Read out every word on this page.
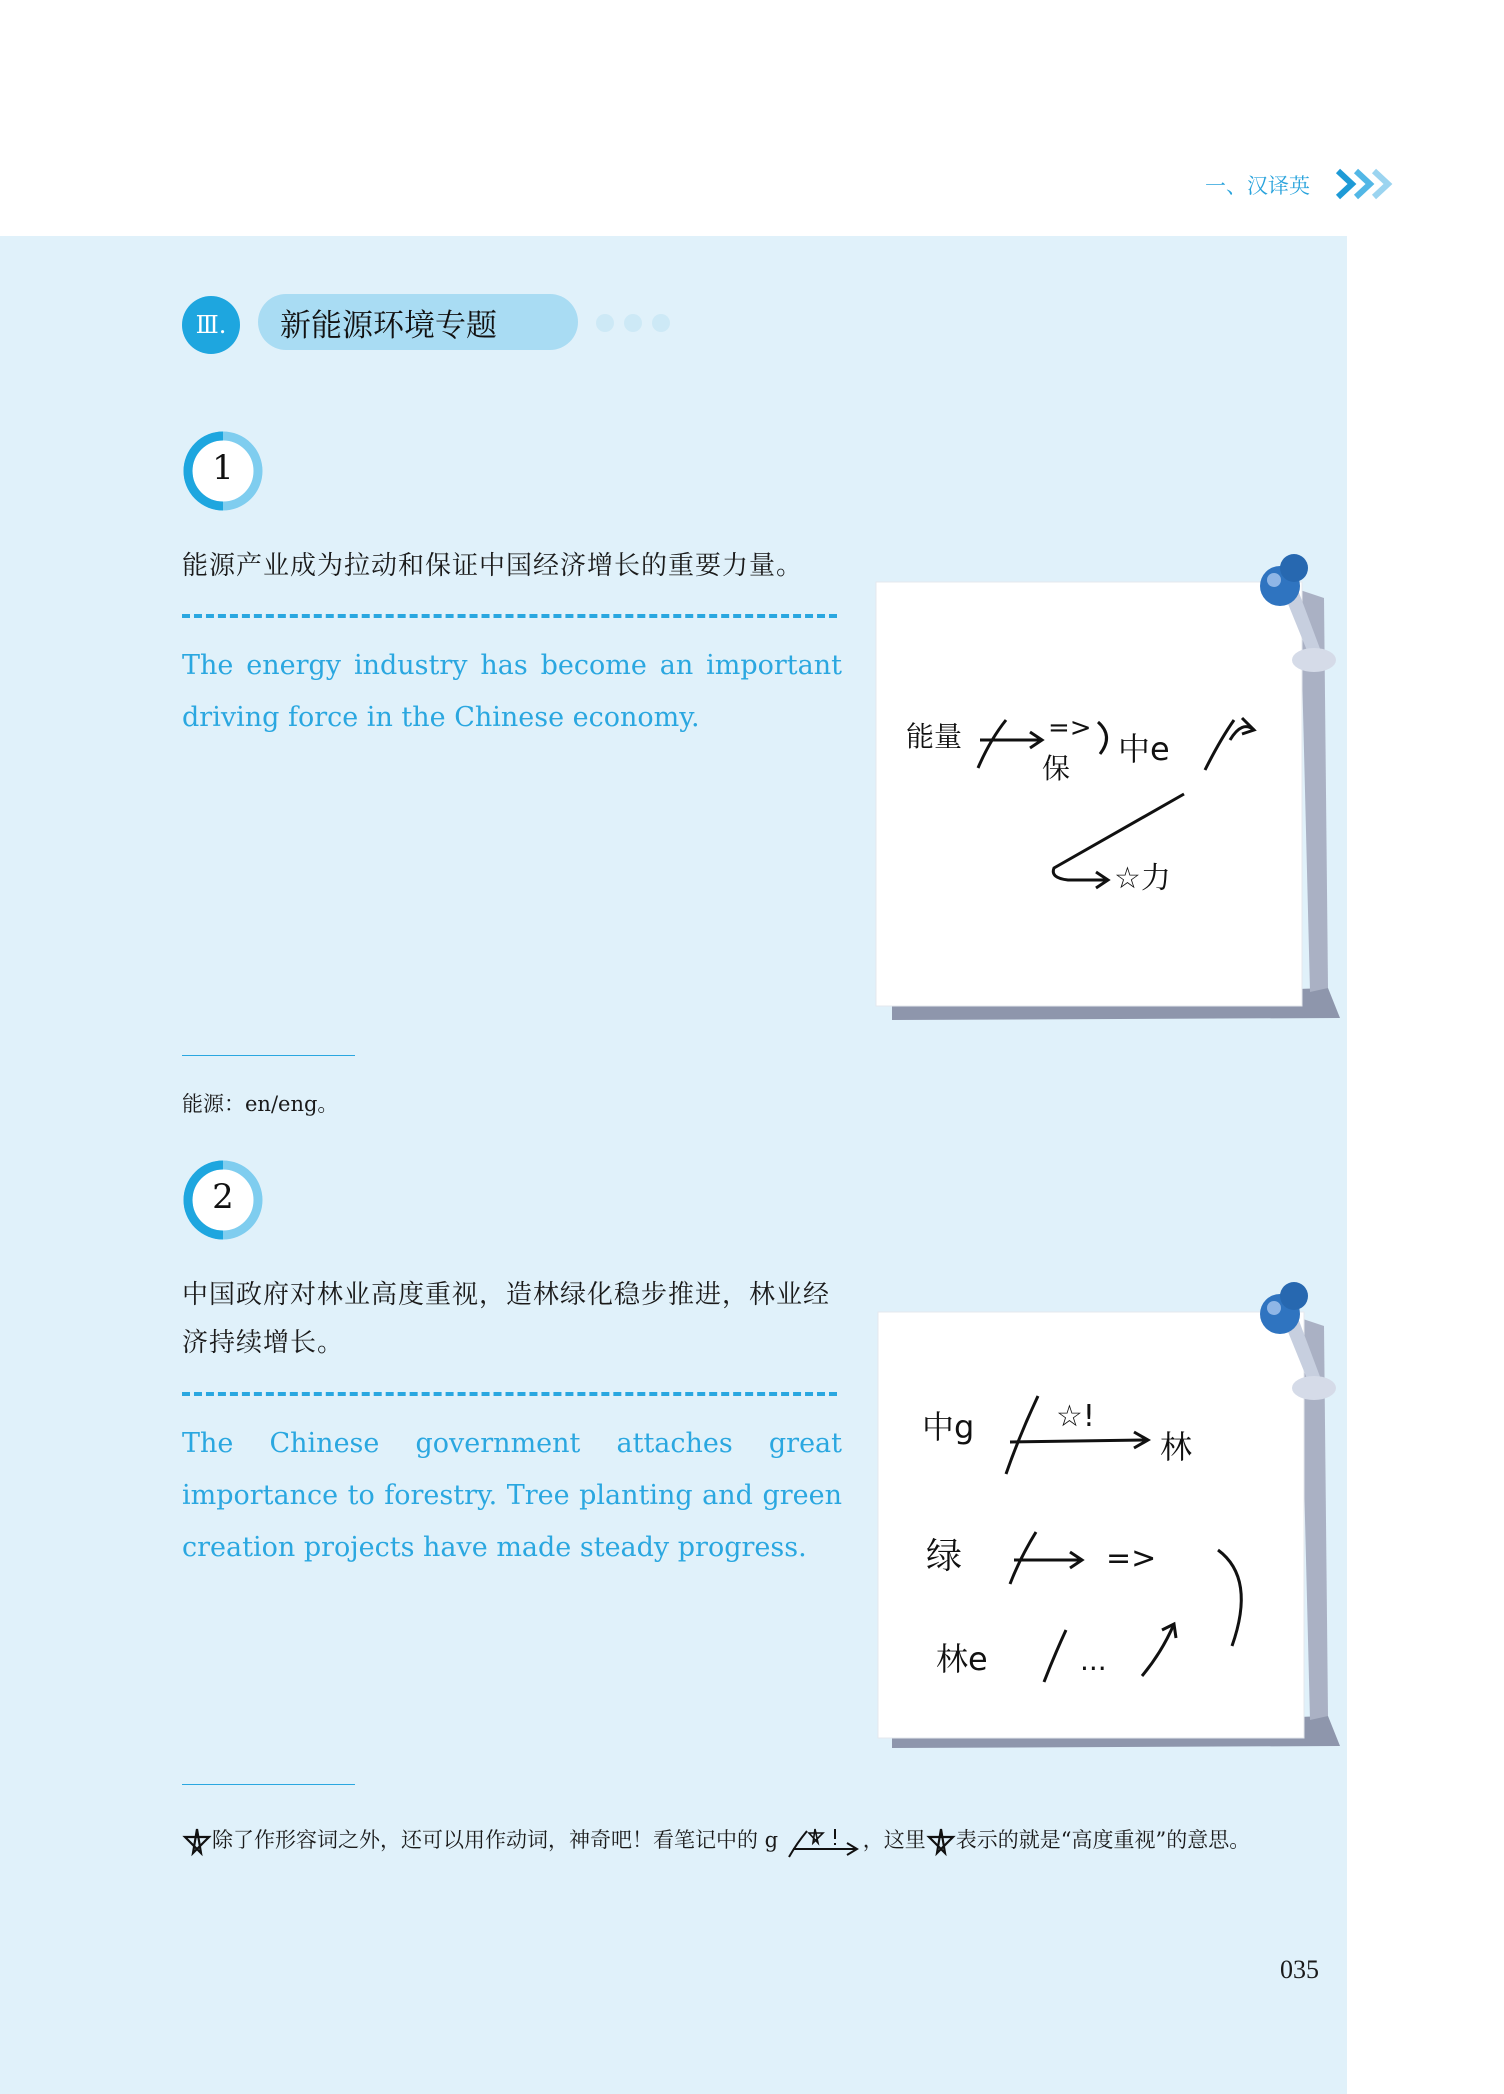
一、汉译英
Ⅲ.	新能源环境专题
1
能源产业成为拉动和保证中国经济增长的重要力量。
The energy industry has become an important driving force in the Chinese economy.
能量	=>
保
中e
☆力
能源：en/eng。
2
中国政府对林业高度重视，造林绿化稳步推进，林业经济持续增长。
The Chinese government attaches great importance to forestry. Tree planting and green creation projects have made steady progress.
中g	☆!
林
绿	=>
林e	...
除了作形容词之外，还可以用作动词，神奇吧！看笔记中的 g	，这里 表示的就是“高度重视”的意思。
035
